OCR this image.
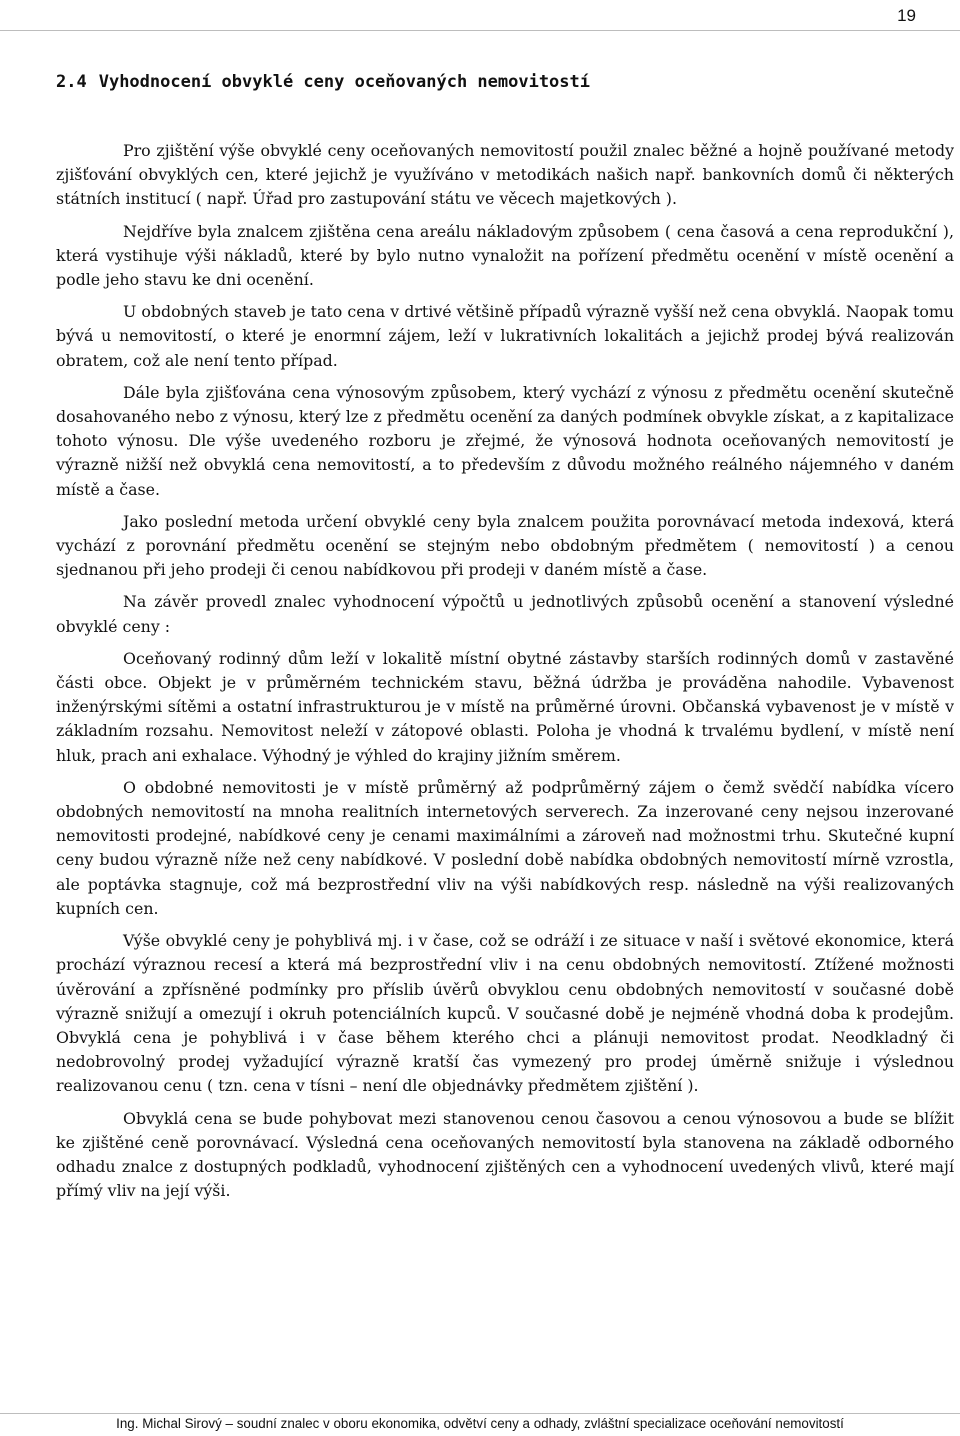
19
2.4 Vyhodnocení obvyklé ceny oceňovaných nemovitostí

Pro zjištění výše obvyklé ceny oceňovaných nemovitostí použil znalec běžné a hojně používané metody zjišťování obvyklých cen, které jejichž je využíváno v metodikách našich např. bankovních domů či některých státních institucí ( např. Úřad pro zastupování státu ve věcech majetkových ).

Nejdříve byla znalcem zjištěna cena areálu nákladovým způsobem ( cena časová a cena reprodukční ), která vystihuje výši nákladů, které by bylo nutno vynaložit na pořízení předmětu ocenění v místě ocenění a podle jeho stavu ke dni ocenění.

U obdobných staveb je tato cena v drtivé většině případů výrazně vyšší než cena obvyklá. Naopak tomu bývá u nemovitostí, o které je enormní zájem, leží v lukrativních lokalitách a jejichž prodej bývá realizován obratem, což ale není tento případ.

Dále byla zjišťována cena výnosovým způsobem, který vychází z výnosu z předmětu ocenění skutečně dosahovaného nebo z výnosu, který lze z předmětu ocenění za daných podmínek obvykle získat, a z kapitalizace tohoto výnosu. Dle výše uvedeného rozboru je zřejmé, že výnosová hodnota oceňovaných nemovitostí je výrazně nižší než obvyklá cena nemovitostí, a to především z důvodu možného reálného nájemného v daném místě a čase.

Jako poslední metoda určení obvyklé ceny byla znalcem použita porovnávací metoda indexová, která vychází z porovnání předmětu ocenění se stejným nebo obdobným předmětem ( nemovitostí ) a cenou sjednanou při jeho prodeji či cenou nabídkovou při prodeji v daném místě a čase.

Na závěr provedl znalec vyhodnocení výpočtů u jednotlivých způsobů ocenění a stanovení výsledné obvyklé ceny :

Oceňovaný rodinný dům leží v lokalitě místní obytné zástavby starších rodinných domů v zastavěné části obce. Objekt je v průměrném technickém stavu, běžná údržba je prováděna nahodile. Vybavenost inženýrskými sítěmi a ostatní infrastrukturou je v místě na průměrné úrovni. Občanská vybavenost je v místě v základním rozsahu. Nemovitost neleží v zátopové oblasti. Poloha je vhodná k trvalému bydlení, v místě není hluk, prach ani exhalace. Výhodný je výhled do krajiny jižním směrem.

O obdobné nemovitosti je v místě průměrný až podprůměrný zájem o čemž svědčí nabídka vícero obdobných nemovitostí na mnoha realitních internetových serverech. Za inzerované ceny nejsou inzerované nemovitosti prodejné, nabídkové ceny je cenami maximálními a zároveň nad možnostmi trhu. Skutečné kupní ceny budou výrazně níže než ceny nabídkové. V poslední době nabídka obdobných nemovitostí mírně vzrostla, ale poptávka stagnuje, což má bezprostřední vliv na výši nabídkových resp. následně na výši realizovaných kupních cen.

Výše obvyklé ceny je pohyblivá mj. i v čase, což se odráží i ze situace v naší i světové ekonomice, která prochází výraznou recesí a která má bezprostřední vliv i na cenu obdobných nemovitostí. Ztížené možnosti úvěrování a zpřísněné podmínky pro příslib úvěrů obvyklou cenu obdobných nemovitostí v současné době výrazně snižují a omezují i okruh potenciálních kupců. V současné době je nejméně vhodná doba k prodejům. Obvyklá cena je pohyblivá i v čase během kterého chci a plánuji nemovitost prodat. Neodkladný či nedobrovolný prodej vyžadující výrazně kratší čas vymezený pro prodej úměrně snižuje i výslednou realizovanou cenu ( tzn. cena v tísni – není dle objednávky předmětem zjištění ).

Obvyklá cena se bude pohybovat mezi stanovenou cenou časovou a cenou výnosovou a bude se blížit ke zjištěné ceně porovnávací. Výsledná cena oceňovaných nemovitostí byla stanovena na základě odborného odhadu znalce z dostupných podkladů, vyhodnocení zjištěných cen a vyhodnocení uvedených vlivů, které mají přímý vliv na její výši.

Ing. Michal Sirový – soudní znalec v oboru ekonomika, odvětví ceny a odhady, zvláštní specializace oceňování nemovitostí
